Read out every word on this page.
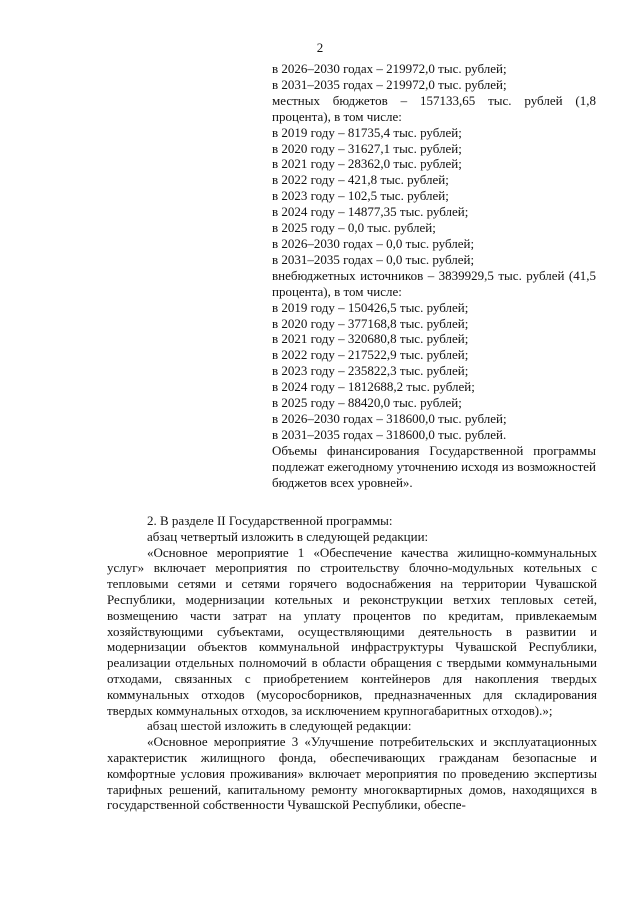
2
в 2026–2030 годах – 219972,0 тыс. рублей;
в 2031–2035 годах – 219972,0 тыс. рублей;
местных бюджетов – 157133,65 тыс. рублей (1,8 процента), в том числе:
в 2019 году – 81735,4 тыс. рублей;
в 2020 году – 31627,1 тыс. рублей;
в 2021 году – 28362,0 тыс. рублей;
в 2022 году – 421,8 тыс. рублей;
в 2023 году – 102,5 тыс. рублей;
в 2024 году – 14877,35 тыс. рублей;
в 2025 году – 0,0 тыс. рублей;
в 2026–2030 годах – 0,0 тыс. рублей;
в 2031–2035 годах – 0,0 тыс. рублей;
внебюджетных источников – 3839929,5 тыс. рублей (41,5 процента), в том числе:
в 2019 году – 150426,5 тыс. рублей;
в 2020 году – 377168,8 тыс. рублей;
в 2021 году – 320680,8 тыс. рублей;
в 2022 году – 217522,9 тыс. рублей;
в 2023 году – 235822,3 тыс. рублей;
в 2024 году – 1812688,2 тыс. рублей;
в 2025 году – 88420,0 тыс. рублей;
в 2026–2030 годах – 318600,0 тыс. рублей;
в 2031–2035 годах – 318600,0 тыс. рублей.
Объемы финансирования Государственной программы подлежат ежегодному уточнению исходя из возможностей бюджетов всех уровней».

2. В разделе II Государственной программы:

абзац четвертый изложить в следующей редакции:

«Основное мероприятие 1 «Обеспечение качества жилищно-коммунальных услуг» включает мероприятия по строительству блочно-модульных котельных с тепловыми сетями и сетями горячего водоснабжения на территории Чувашской Республики, модернизации котельных и реконструкции ветхих тепловых сетей, возмещению части затрат на уплату процентов по кредитам, привлекаемым хозяйствующими субъектами, осуществляющими деятельность в развитии и модернизации объектов коммунальной инфраструктуры Чувашской Республики, реализации отдельных полномочий в области обращения с твердыми коммунальными отходами, связанных с приобретением контейнеров для накопления твердых коммунальных отходов (мусоросборников, предназначенных для складирования твердых коммунальных отходов, за исключением крупногабаритных отходов).»;

абзац шестой изложить в следующей редакции:

«Основное мероприятие 3 «Улучшение потребительских и эксплуатационных характеристик жилищного фонда, обеспечивающих гражданам безопасные и комфортные условия проживания» включает мероприятия по проведению экспертизы тарифных решений, капитальному ремонту многоквартирных домов, находящихся в государственной собственности Чувашской Республики, обеспе-
